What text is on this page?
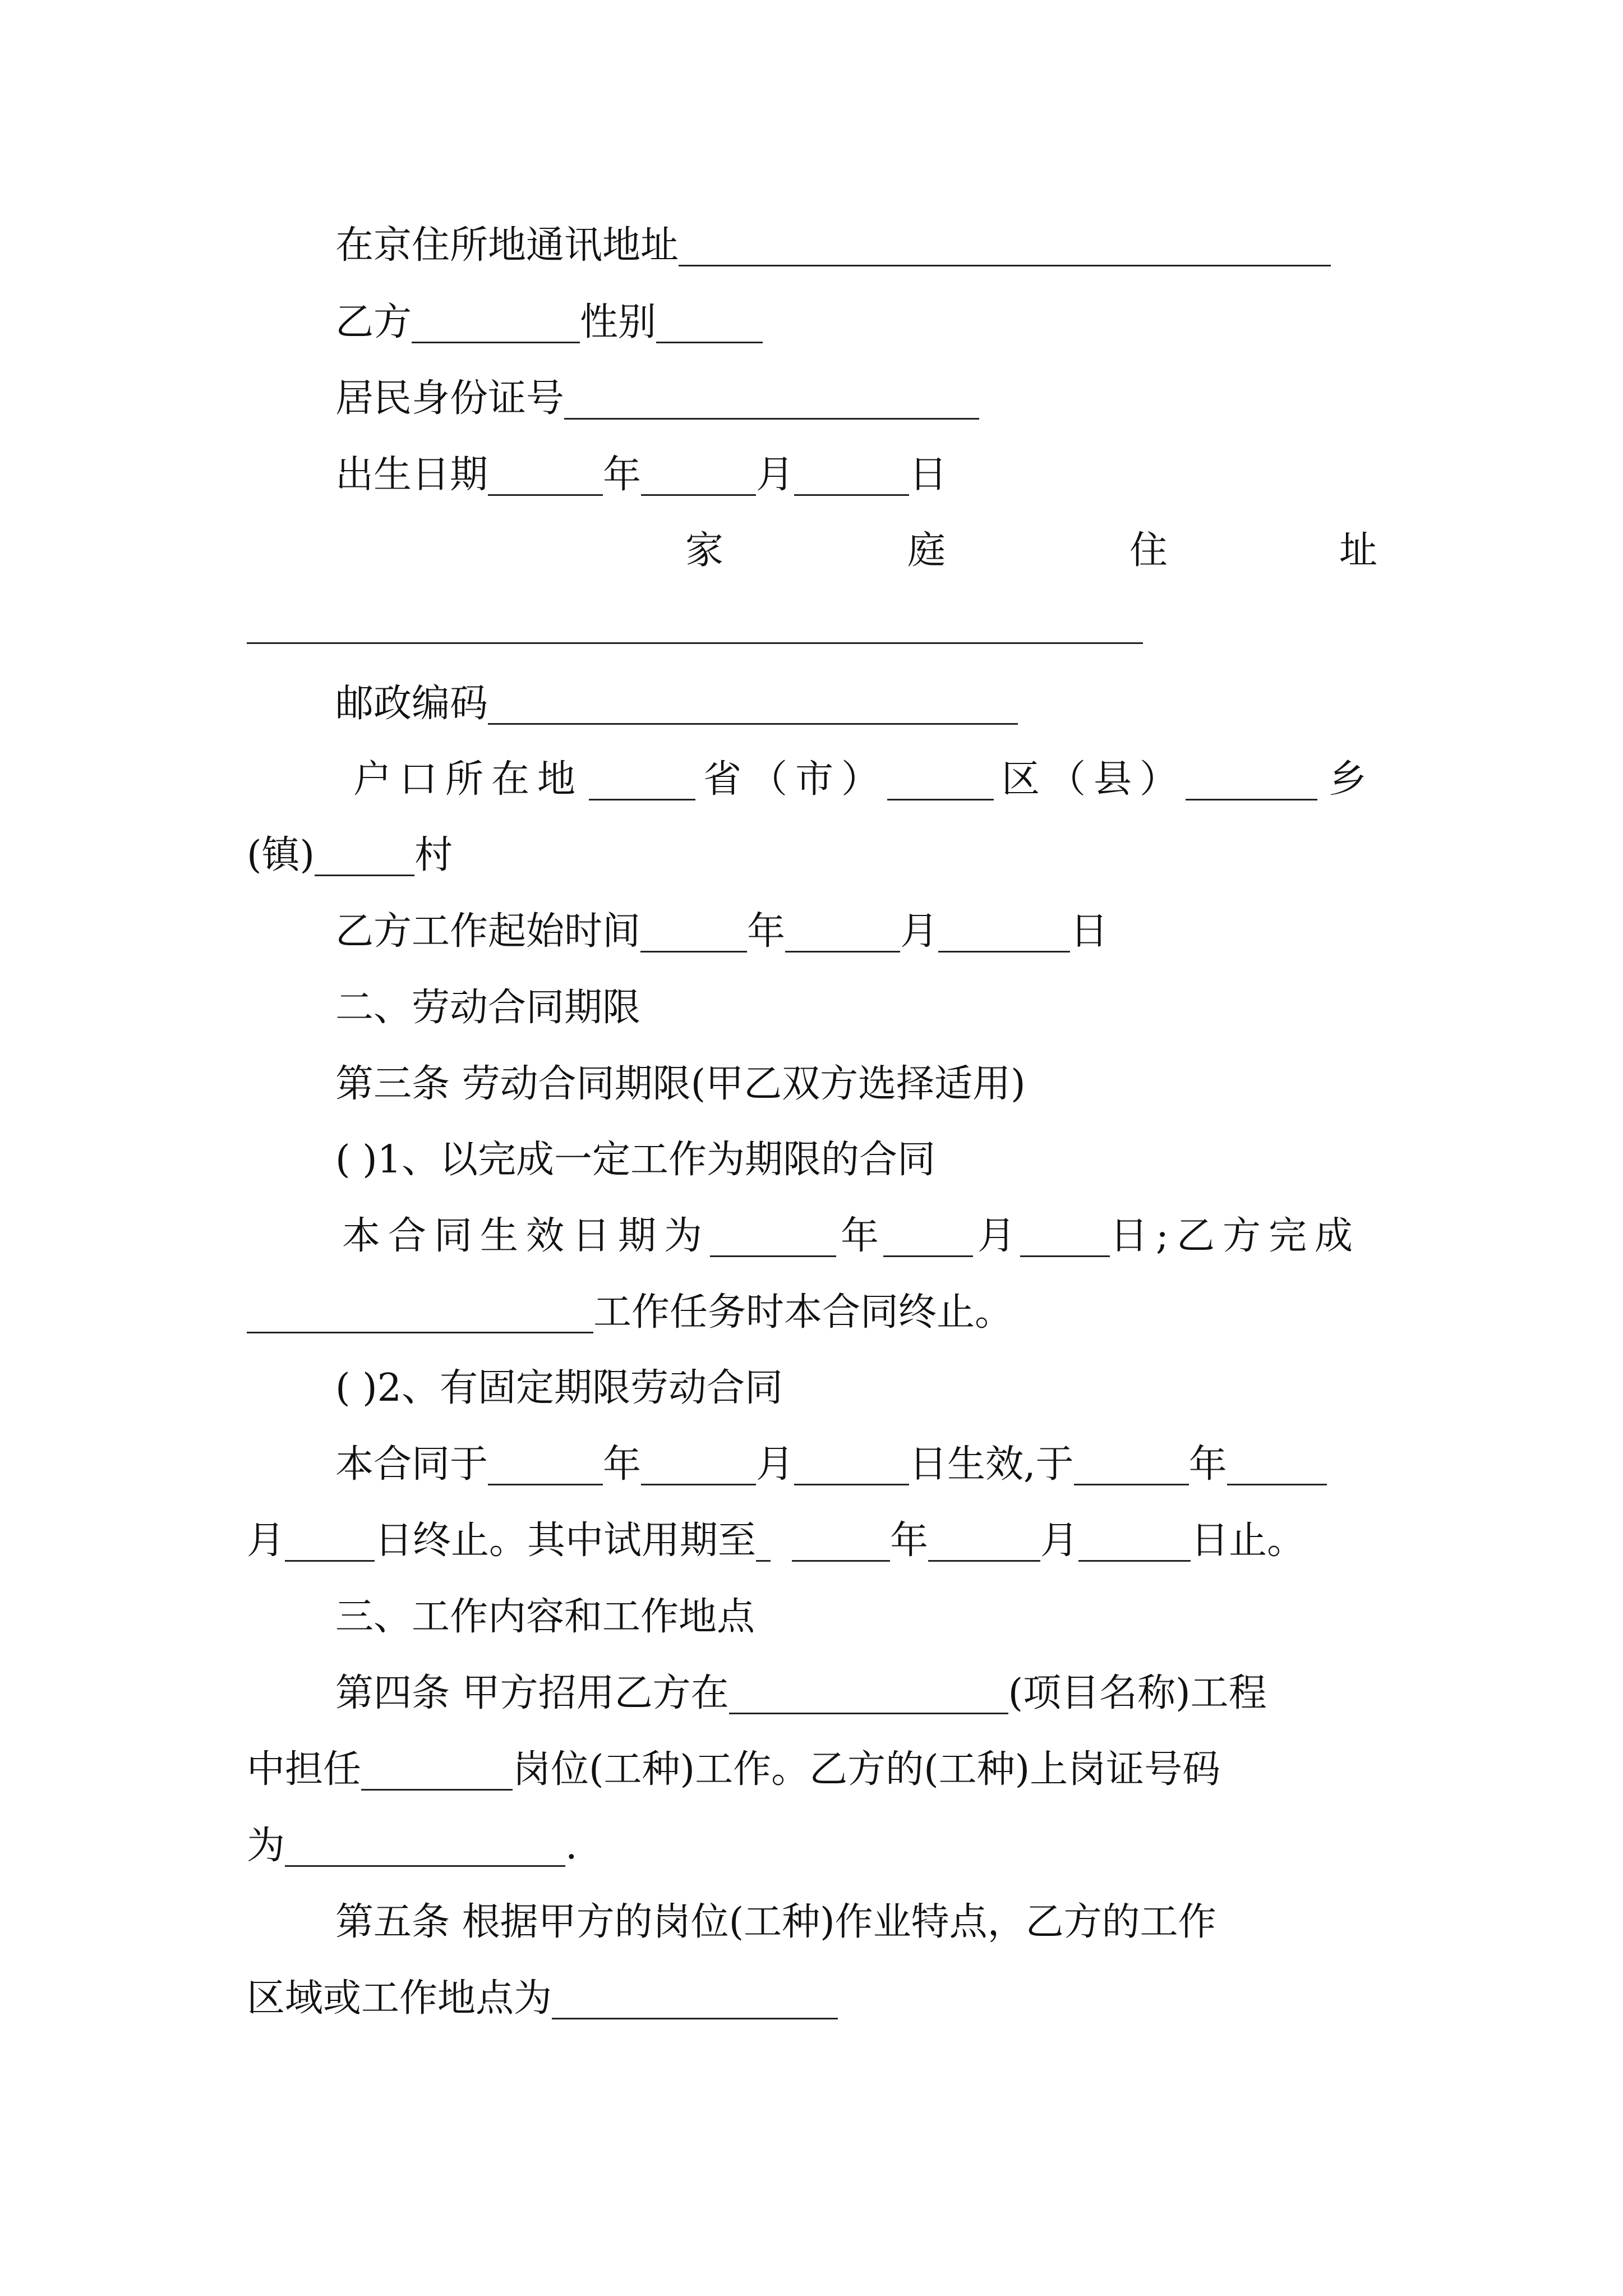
在京住所地通讯地址
乙方	性别
居民身份证号
出生日期	年	月	日
家	庭	住	址
邮政编码
户口所在地	省（市）	区（县）	乡
(镇)	村
乙方工作起始时间	年	月	日
二、劳动合同期限
第三条 劳动合同期限(甲乙双方选择适用)
( )1、以完成一定工作为期限的合同
本合同生效日期为	年	月 日;乙方完成
工作任务时本合同终止。
( )2、有固定期限劳动合同
本合同于	年	月	日生效,于	年
月 日终止。其中试用期至	年	月	日止。
三、工作内容和工作地点
第四条 甲方招用乙方在	(项目名称)工程
中担任	岗位(工种)工作。乙方的(工种)上岗证号码
为	.
第五条 根据甲方的岗位(工种)作业特点，乙方的工作
区域或工作地点为
